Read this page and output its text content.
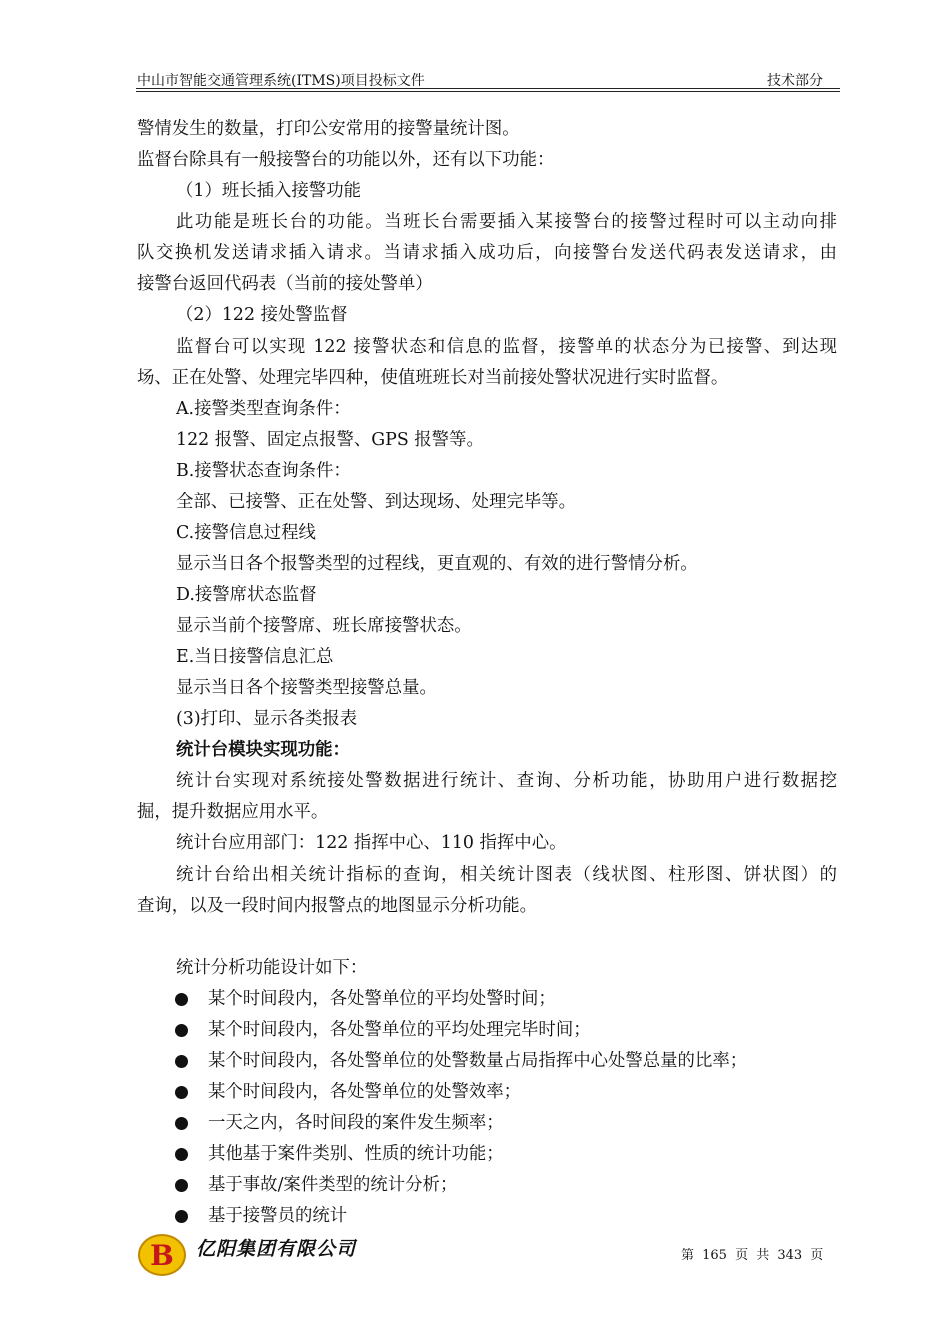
中山市智能交通管理系统(ITMS)项目投标文件	技术部分
警情发生的数量，打印公安常用的接警量统计图。
监督台除具有一般接警台的功能以外，还有以下功能：
（1）班长插入接警功能
此功能是班长台的功能。当班长台需要插入某接警台的接警过程时可以主动向排
队交换机发送请求插入请求。当请求插入成功后，向接警台发送代码表发送请求，由
接警台返回代码表（当前的接处警单）
（2）122 接处警监督
监督台可以实现 122 接警状态和信息的监督，接警单的状态分为已接警、到达现
场、正在处警、处理完毕四种，使值班班长对当前接处警状况进行实时监督。
A.接警类型查询条件：
122 报警、固定点报警、GPS 报警等。
B.接警状态查询条件：
全部、已接警、正在处警、到达现场、处理完毕等。
C.接警信息过程线
显示当日各个报警类型的过程线，更直观的、有效的进行警情分析。
D.接警席状态监督
显示当前个接警席、班长席接警状态。
E.当日接警信息汇总
显示当日各个接警类型接警总量。
(3)打印、显示各类报表
统计台模块实现功能：
统计台实现对系统接处警数据进行统计、查询、分析功能，协助用户进行数据挖
掘，提升数据应用水平。
统计台应用部门：122 指挥中心、110 指挥中心。
统计台给出相关统计指标的查询，相关统计图表（线状图、柱形图、饼状图）的
查询，以及一段时间内报警点的地图显示分析功能。
统计分析功能设计如下：
某个时间段内，各处警单位的平均处警时间；
某个时间段内，各处警单位的平均处理完毕时间；
某个时间段内，各处警单位的处警数量占局指挥中心处警总量的比率；
某个时间段内，各处警单位的处警效率；
一天之内，各时间段的案件发生频率；
其他基于案件类别、性质的统计功能；
基于事故/案件类型的统计分析；
基于接警员的统计
B 亿阳集团有限公司	第 165 页 共 343 页
